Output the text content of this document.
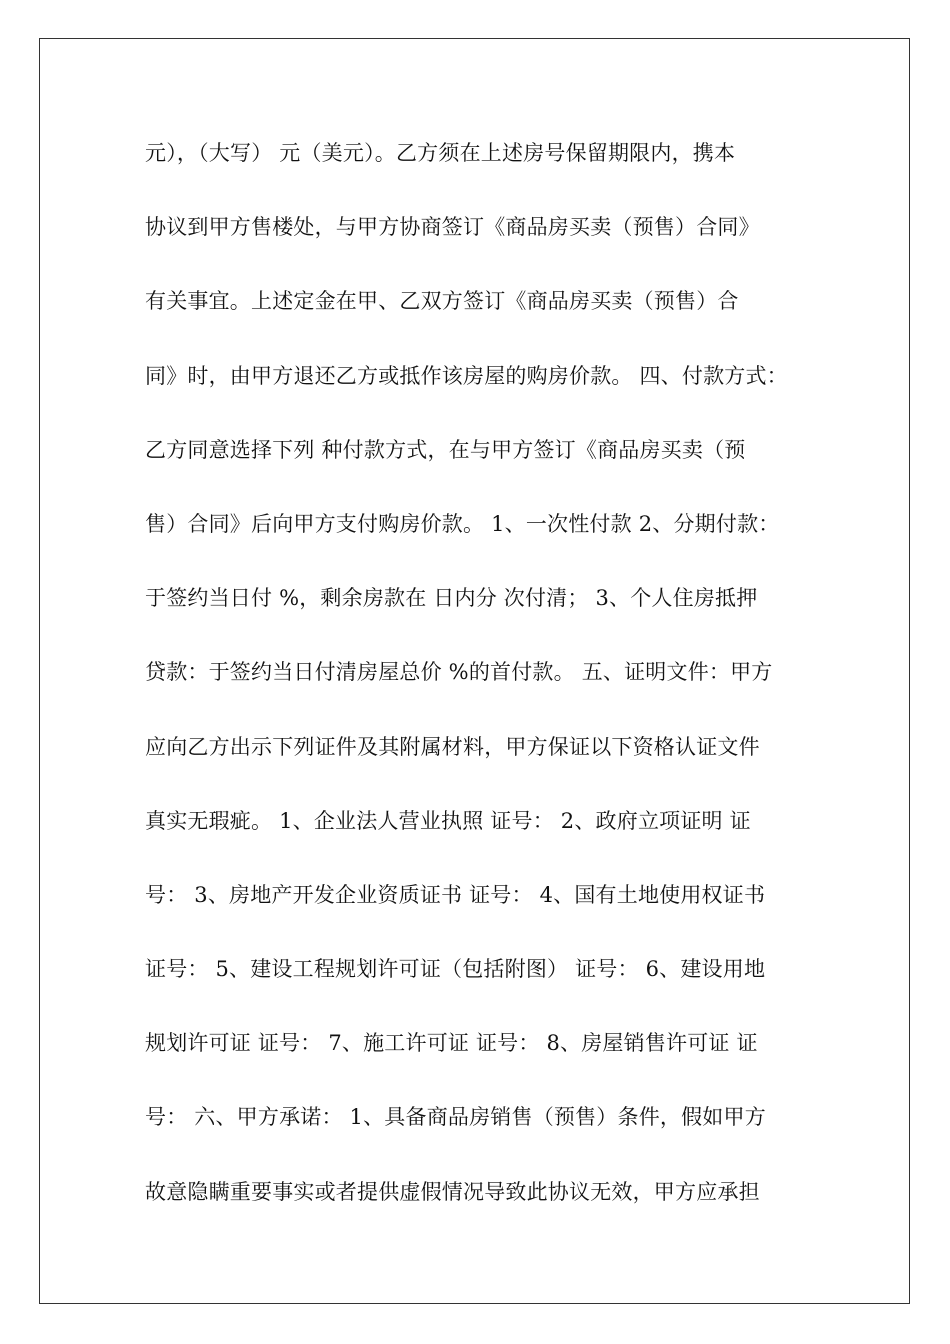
元），（大写） 元（美元）。乙方须在上述房号保留期限内，携本
协议到甲方售楼处，与甲方协商签订《商品房买卖（预售）合同》
有关事宜。上述定金在甲、乙双方签订《商品房买卖（预售）合
同》时，由甲方退还乙方或抵作该房屋的购房价款。 四、付款方式：
乙方同意选择下列 种付款方式，在与甲方签订《商品房买卖（预
售）合同》后向甲方支付购房价款。 1、一次性付款 2、分期付款：
于签约当日付 %，剩余房款在 日内分 次付清； 3、个人住房抵押
贷款：于签约当日付清房屋总价 %的首付款。 五、证明文件：甲方
应向乙方出示下列证件及其附属材料，甲方保证以下资格认证文件
真实无瑕疵。 1、企业法人营业执照 证号： 2、政府立项证明 证
号： 3、房地产开发企业资质证书 证号： 4、国有土地使用权证书
证号： 5、建设工程规划许可证（包括附图） 证号： 6、建设用地
规划许可证 证号： 7、施工许可证 证号： 8、房屋销售许可证 证
号： 六、甲方承诺： 1、具备商品房销售（预售）条件，假如甲方
故意隐瞒重要事实或者提供虚假情况导致此协议无效，甲方应承担
